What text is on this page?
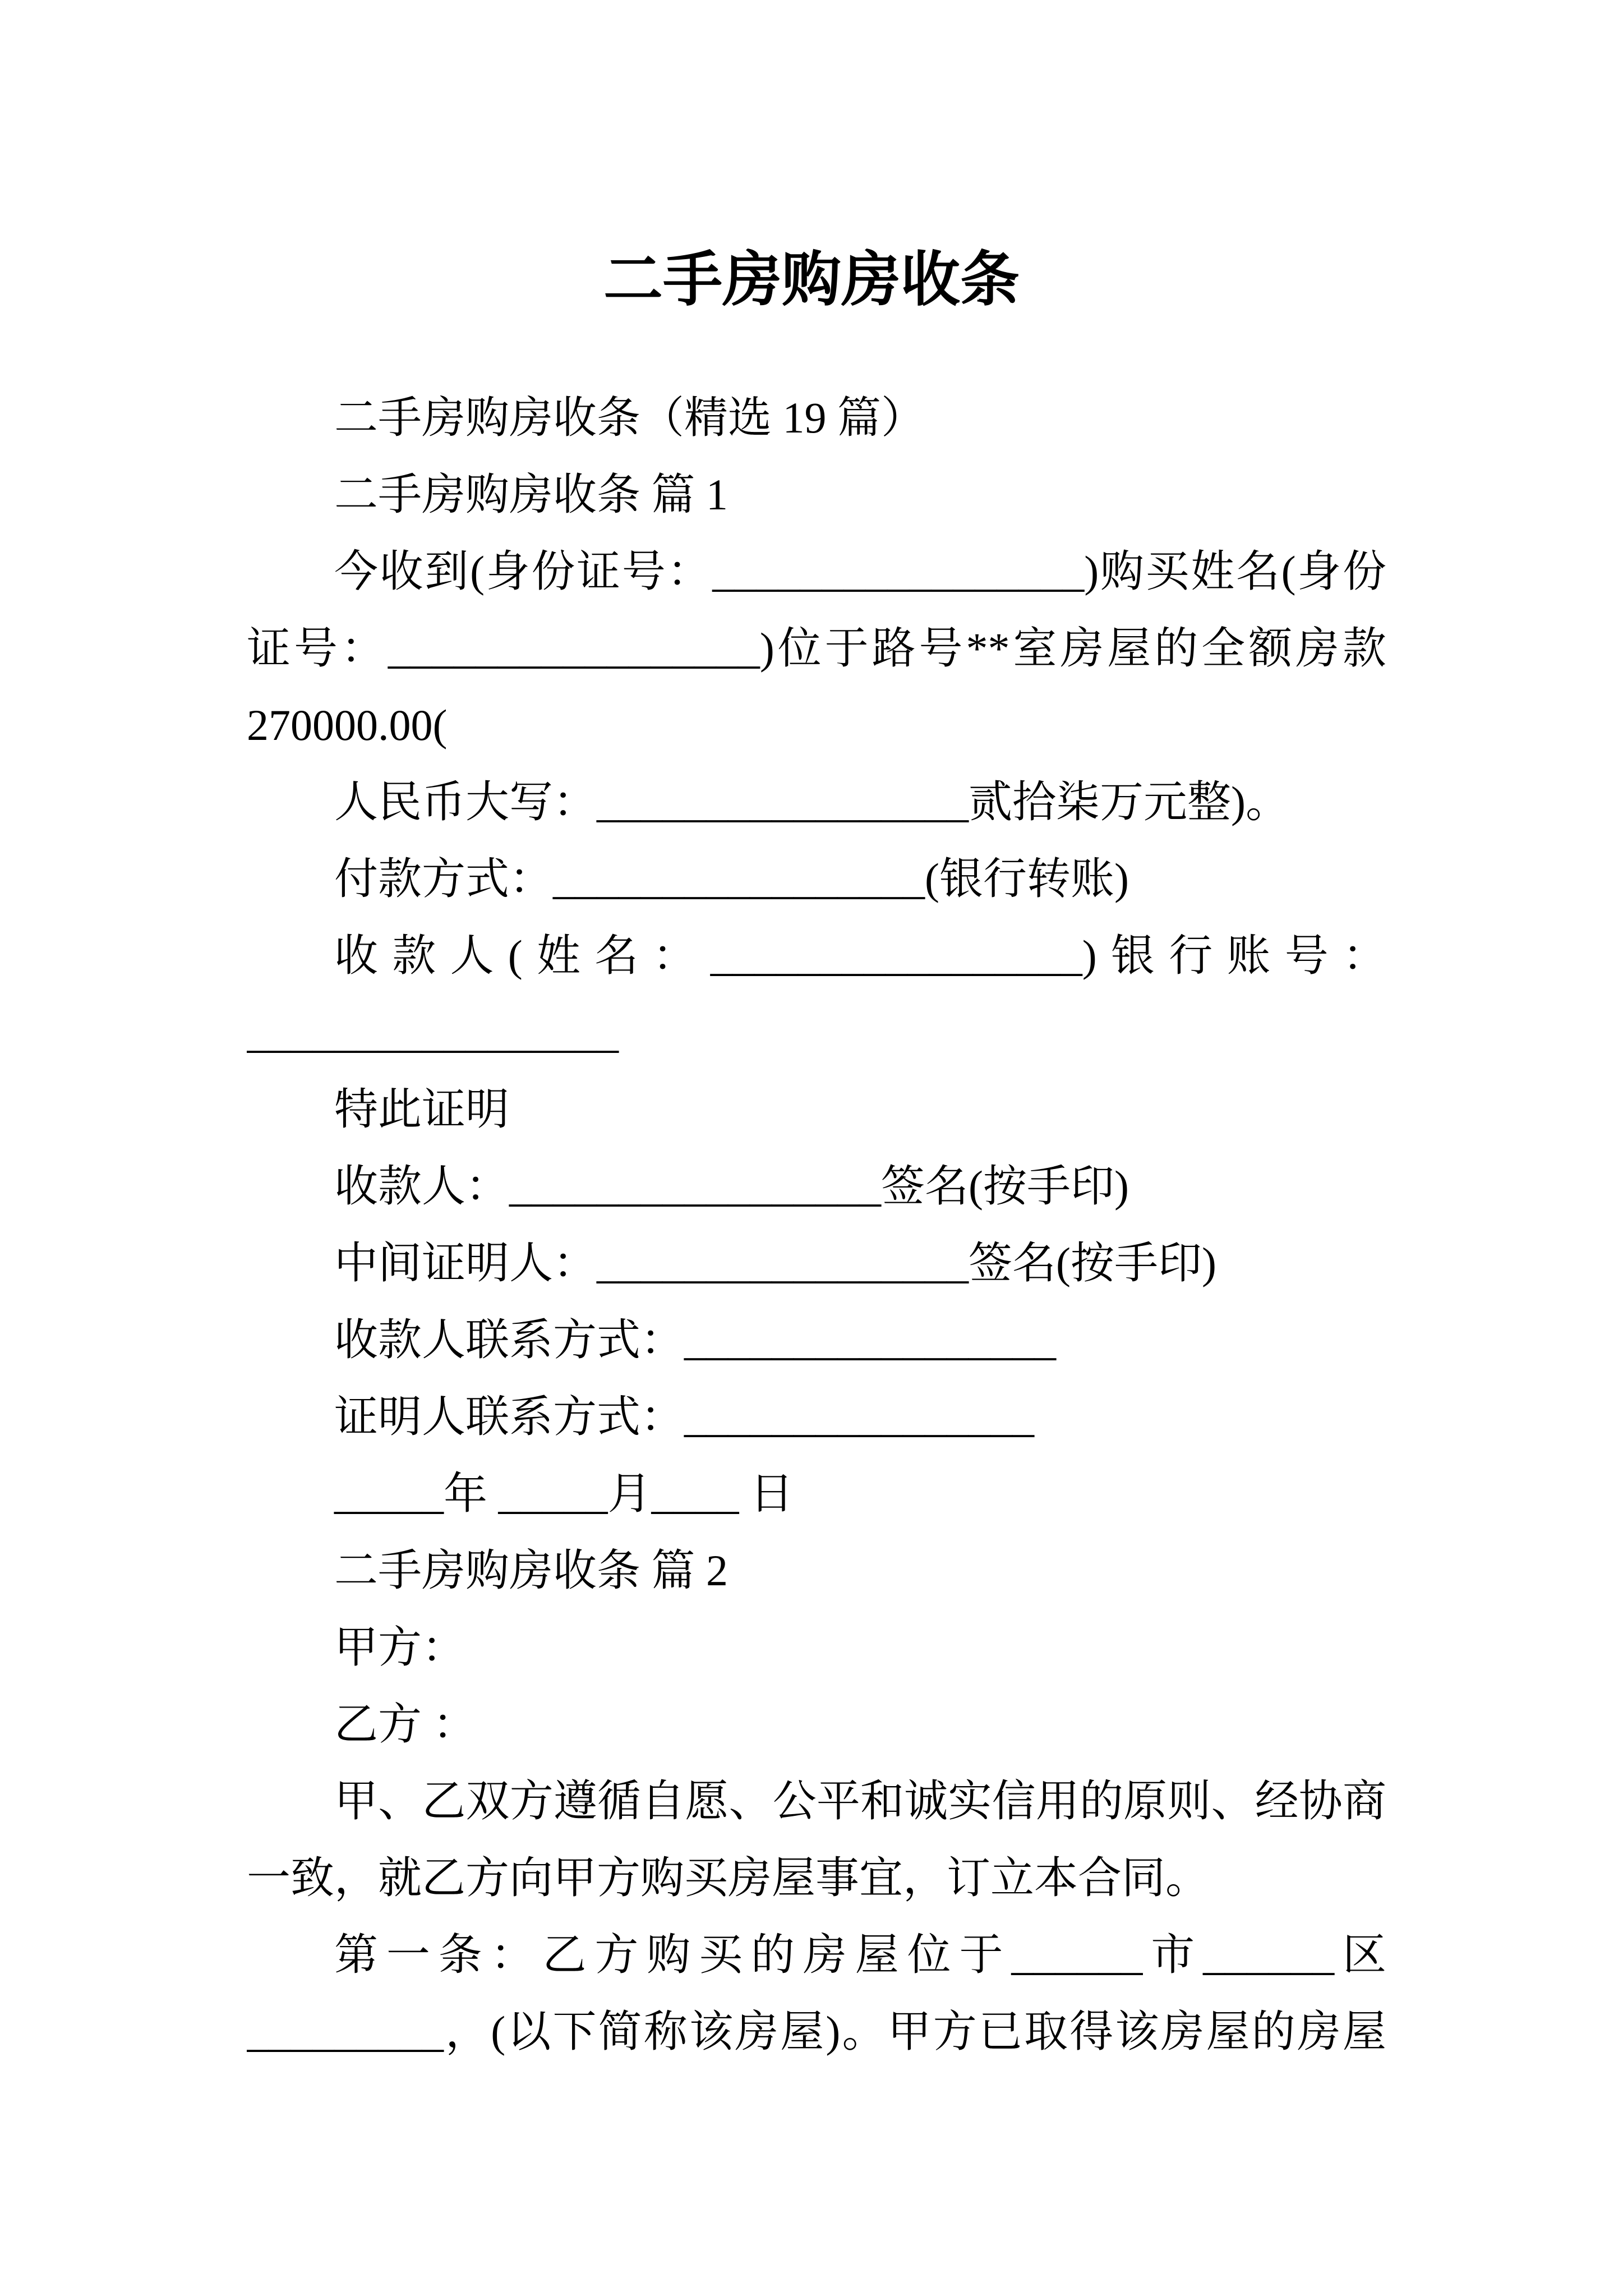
二手房购房收条
二手房购房收条（精选 19 篇）
二手房购房收条 篇 1
今收到(身份证号：_________________)购买姓名(身份
证号：_________________)位于路号**室房屋的全额房款
270000.00(
人民币大写：_________________贰拾柒万元整)。
付款方式：_________________(银行转账)
收款人(姓名：_________________)银行账号：
_________________
特此证明
收款人：_________________签名(按手印)
中间证明人：_________________签名(按手印)
收款人联系方式：_________________
证明人联系方式：________________
_____年 _____月____ 日
二手房购房收条 篇 2
甲方：
乙方 ：
甲、乙双方遵循自愿、公平和诚实信用的原则、经协商
一致，就乙方向甲方购买房屋事宜，订立本合同。
第一条：乙方购买的房屋位于______市______区
_________，(以下简称该房屋)。甲方已取得该房屋的房屋
